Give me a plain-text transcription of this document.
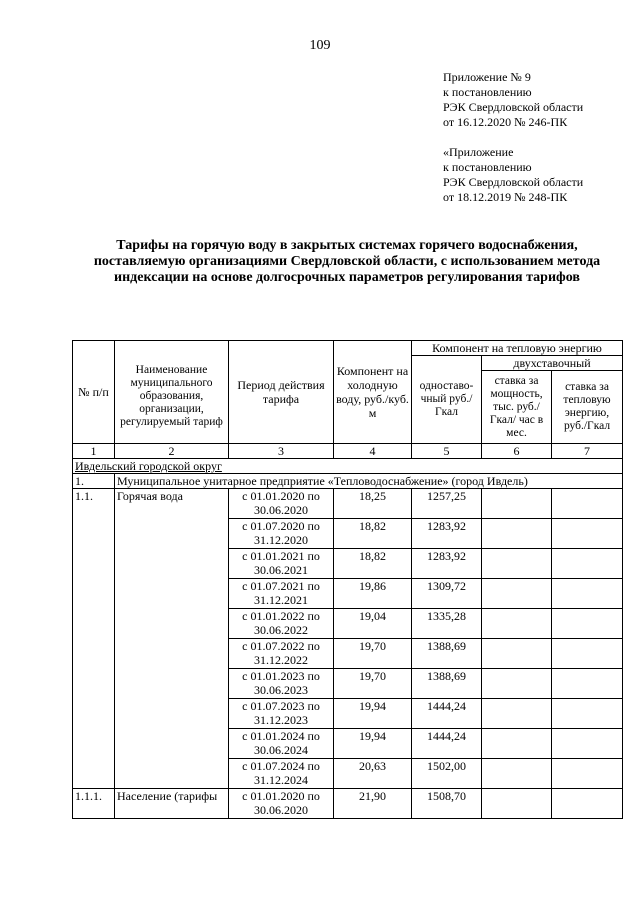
109
Приложение № 9
к постановлению
РЭК Свердловской области
от 16.12.2020 № 246-ПК
«Приложение
к постановлению
РЭК Свердловской области
от 18.12.2019 № 248-ПК
Тарифы на горячую воду в закрытых системах горячего водоснабжения, поставляемую организациями Свердловской области, с использованием метода индексации на основе долгосрочных параметров регулирования тарифов
№ п/п	Наименование муниципального образования, организации, регулируемый тариф	Период действия тарифа	Компонент на холодную воду, руб./куб. м	Компонент на тепловую энергию		
				одноставо-чный руб./Гкал	двухставочный	
					ставка за мощность, тыс. руб./Гкал/ час в мес.	ставка за тепловую энергию, руб./Гкал
1	2	3	4	5	6	7
Ивдельский городской округ						
1.	Муниципальное унитарное предприятие «Тепловодоснабжение» (город Ивдель)					
1.1.	Горячая вода	с 01.01.2020 по 30.06.2020	18,25	1257,25		
		с 01.07.2020 по 31.12.2020	18,82	1283,92		
		с 01.01.2021 по 30.06.2021	18,82	1283,92		
		с 01.07.2021 по 31.12.2021	19,86	1309,72		
		с 01.01.2022 по 30.06.2022	19,04	1335,28		
		с 01.07.2022 по 31.12.2022	19,70	1388,69		
		с 01.01.2023 по 30.06.2023	19,70	1388,69		
		с 01.07.2023 по 31.12.2023	19,94	1444,24		
		с 01.01.2024 по 30.06.2024	19,94	1444,24		
		с 01.07.2024 по 31.12.2024	20,63	1502,00		
1.1.1.	Население (тарифы	с 01.01.2020 по 30.06.2020	21,90	1508,70		
